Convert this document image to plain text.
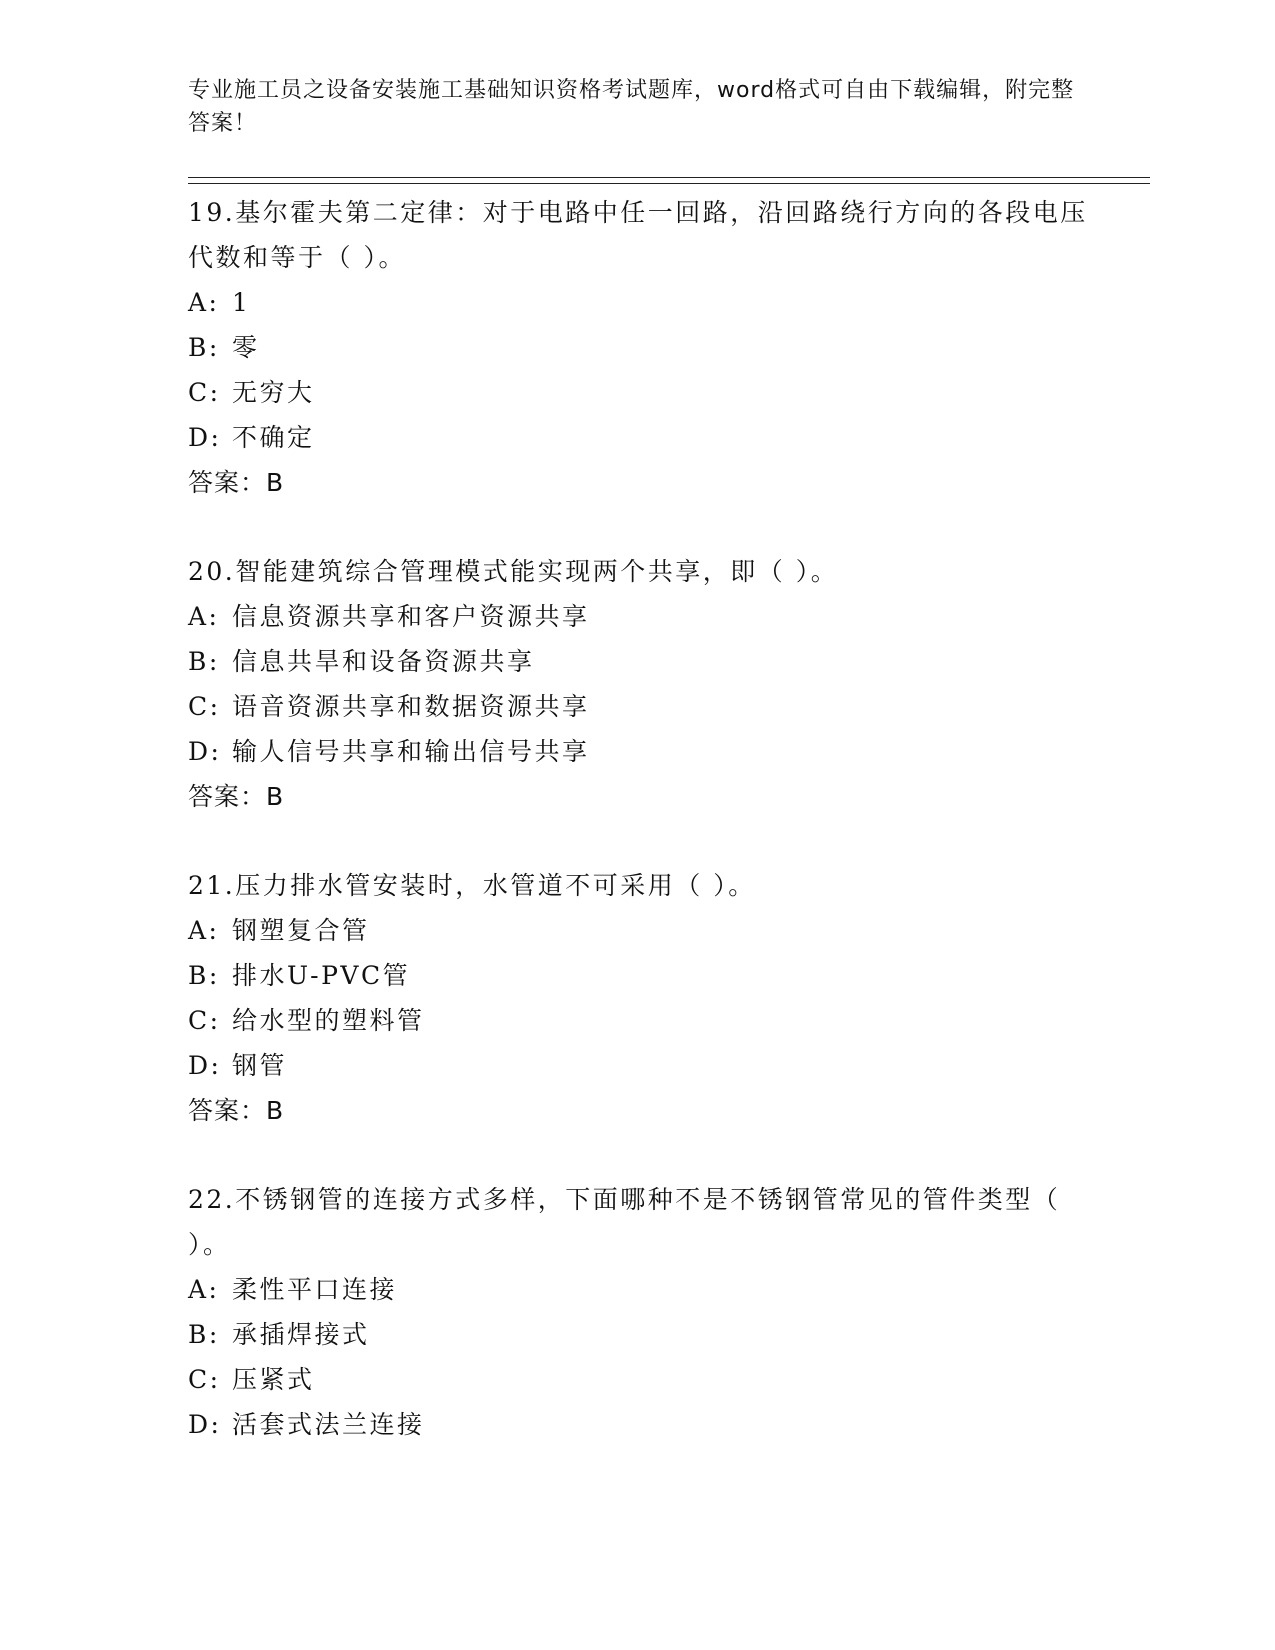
专业施工员之设备安装施工基础知识资格考试题库，word格式可自由下载编辑，附完整答案！
19.基尔霍夫第二定律：对于电路中任一回路，沿回路绕行方向的各段电压代数和等于（ ）。
A: 1
B: 零
C: 无穷大
D: 不确定
答案：B
20.智能建筑综合管理模式能实现两个共享，即（ ）。
A: 信息资源共享和客户资源共享
B: 信息共旱和设备资源共享
C: 语音资源共享和数据资源共享
D: 输人信号共享和输出信号共享
答案：B
21.压力排水管安装时，水管道不可采用（ ）。
A: 钢塑复合管
B: 排水U-PVC管
C: 给水型的塑料管
D: 钢管
答案：B
22.不锈钢管的连接方式多样，下面哪种不是不锈钢管常见的管件类型（ ）。
A: 柔性平口连接
B: 承插焊接式
C: 压紧式
D: 活套式法兰连接
